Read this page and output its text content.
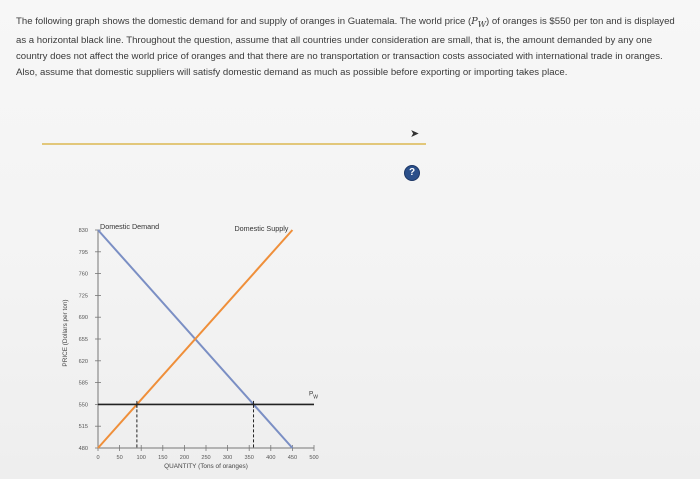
The following graph shows the domestic demand for and supply of oranges in Guatemala. The world price $(P_W)$ of oranges is $550 per ton and is displayed as a horizontal black line. Throughout the question, assume that all countries under consideration are small, that is, the amount demanded by any one country does not affect the world price of oranges and that there are no transportation or transaction costs associated with international trade in oranges. Also, assume that domestic suppliers will satisfy domestic demand as much as possible before exporting or importing takes place.
➤
?
830
795
760
725
690
655
620
585
550
515
480
0	50 100 150 200 250 300 350 400 450 500
Domestic Demand	Domestic Supply
$P_W$
QUANTITY (Tons of oranges)
PRICE (Dollars per ton)
